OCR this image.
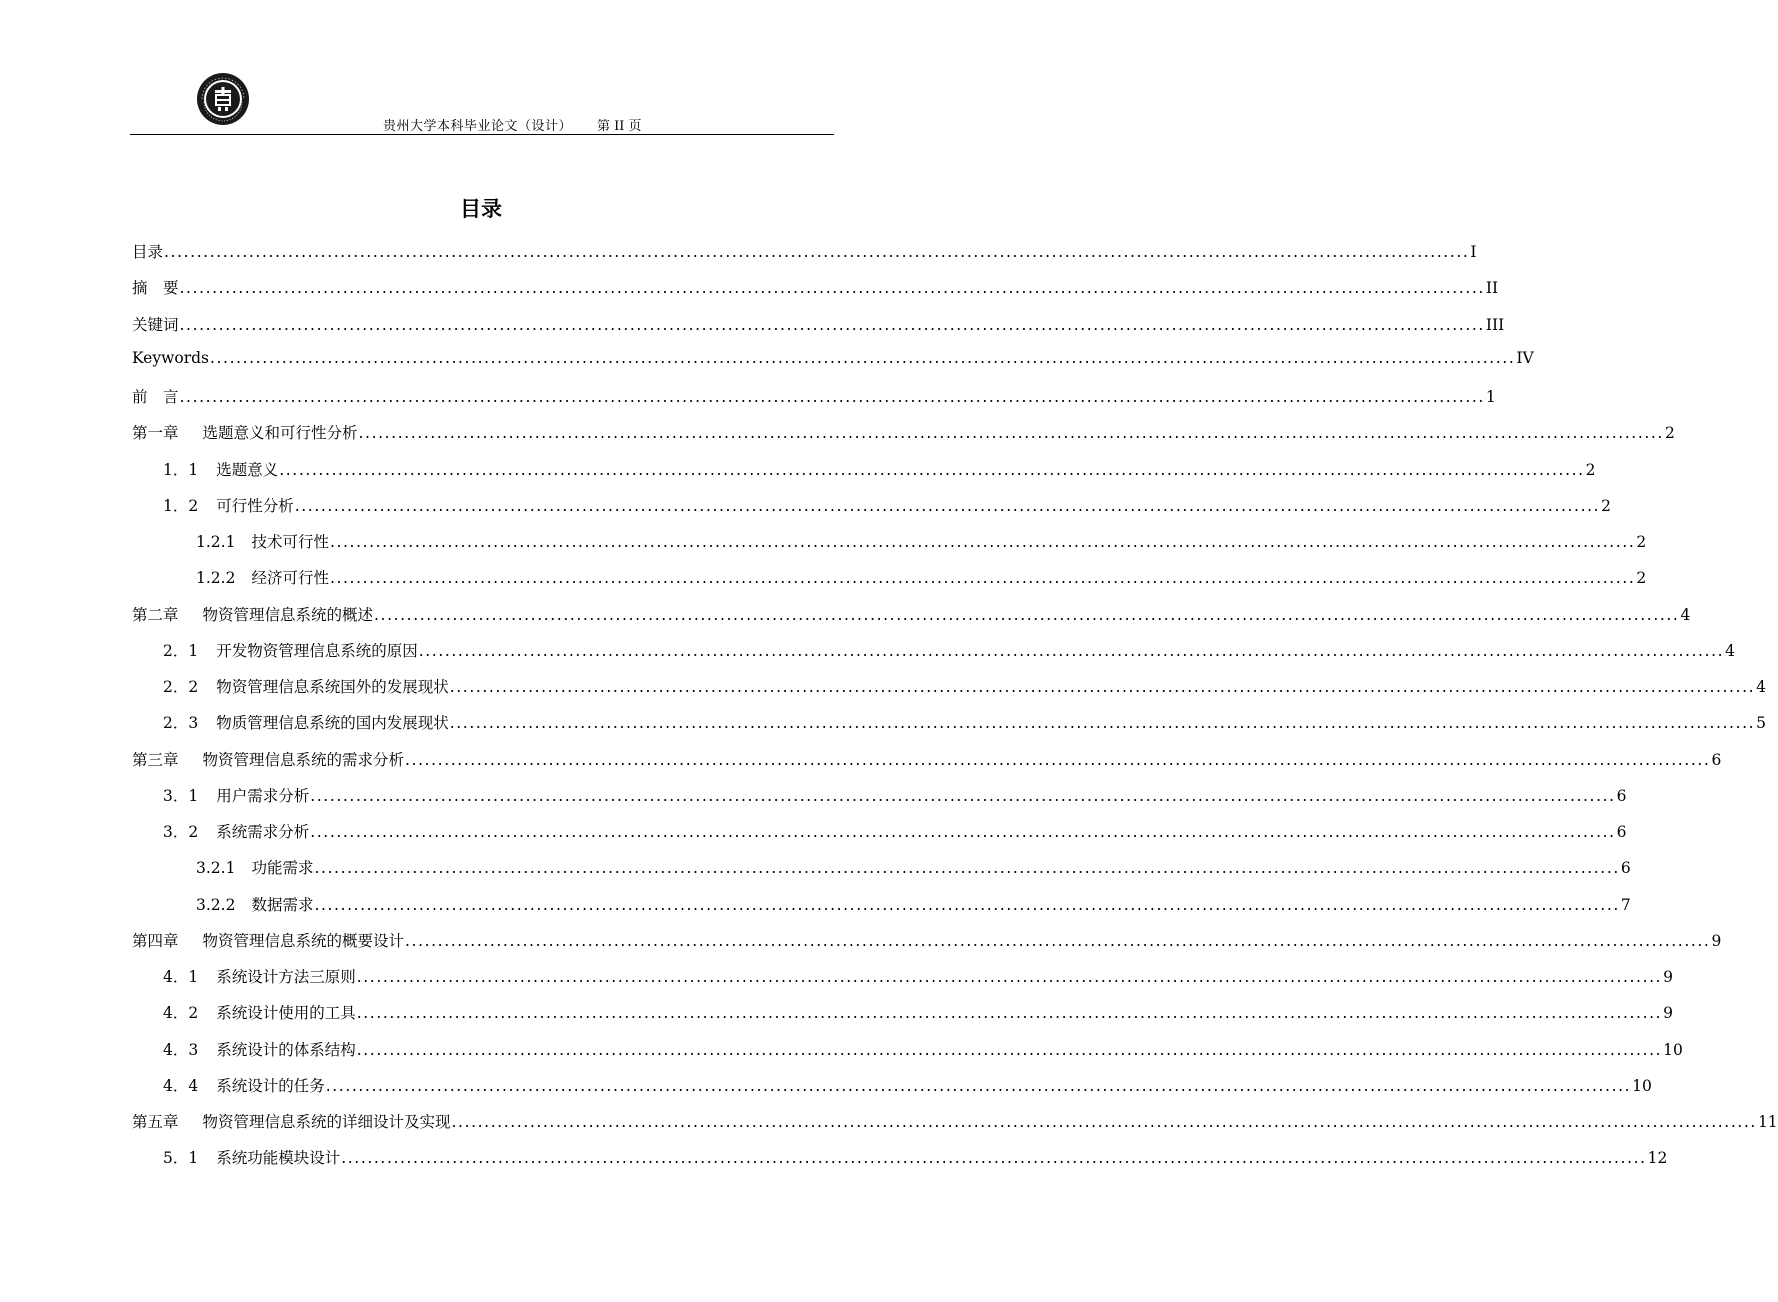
贵州大学本科毕业论文（设计） 第 II 页
目录
目录 ........................................................................................................................................................................................................ I
摘　要 ........................................................................................................................................................................................................ II
关键词 ........................................................................................................................................................................................................ III
Keywords ........................................................................................................................................................................................................ IV
前　言 ........................................................................................................................................................................................................ 1
第一章 选题意义和可行性分析 ........................................................................................................................................................................................................ 2
1．1 选题意义 ........................................................................................................................................................................................................ 2
1．2 可行性分析 ........................................................................................................................................................................................................ 2
1.2.1 技术可行性 ........................................................................................................................................................................................................ 2
1.2.2 经济可行性 ........................................................................................................................................................................................................ 2
第二章 物资管理信息系统的概述 ........................................................................................................................................................................................................ 4
2．1 开发物资管理信息系统的原因 ........................................................................................................................................................................................................ 4
2．2 物资管理信息系统国外的发展现状 ........................................................................................................................................................................................................ 4
2．3 物质管理信息系统的国内发展现状 ........................................................................................................................................................................................................ 5
第三章 物资管理信息系统的需求分析 ........................................................................................................................................................................................................ 6
3．1 用户需求分析 ........................................................................................................................................................................................................ 6
3．2 系统需求分析 ........................................................................................................................................................................................................ 6
3.2.1 功能需求 ........................................................................................................................................................................................................ 6
3.2.2 数据需求 ........................................................................................................................................................................................................ 7
第四章 物资管理信息系统的概要设计 ........................................................................................................................................................................................................ 9
4．1 系统设计方法三原则 ........................................................................................................................................................................................................ 9
4．2 系统设计使用的工具 ........................................................................................................................................................................................................ 9
4．3 系统设计的体系结构 ........................................................................................................................................................................................................ 10
4．4 系统设计的任务 ........................................................................................................................................................................................................ 10
第五章 物资管理信息系统的详细设计及实现 ........................................................................................................................................................................................................ 11
5．1 系统功能模块设计 ........................................................................................................................................................................................................ 12
